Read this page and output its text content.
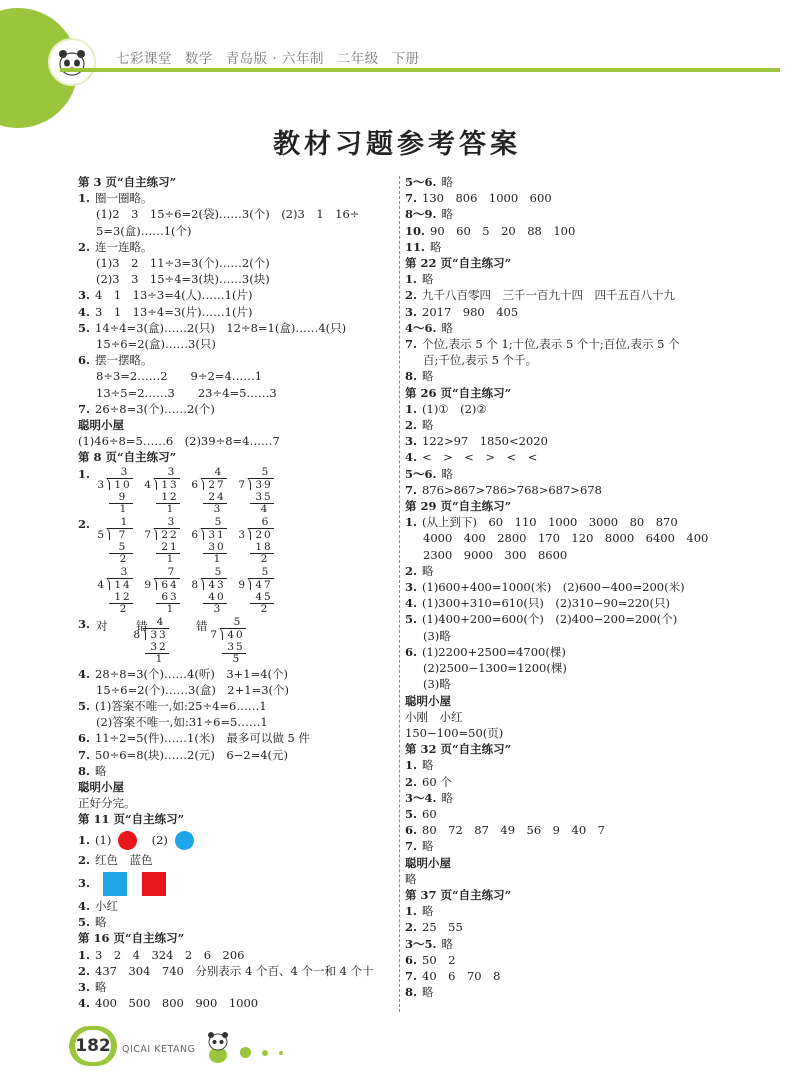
七彩课堂 数学 青岛版 · 六年制 二年级 下册
教材习题参考答案
第 3 页“自主练习”
1. 圈一圈略。
(1)2　3　15÷6=2(袋)……3(个)　(2)3　1　16÷
5=3(盒)……1(个)
2. 连一连略。
(1)3　2　11÷3=3(个)……2(个)
(2)3　3　15÷4=3(块)……3(块)
3. 4　1　13÷3=4(人)……1(片)
4. 3　1　13÷4=3(片)……1(片)
5. 14÷4=3(盒)……2(只)　12÷8=1(盒)……4(只)
15÷6=2(盒)……3(只)
6. 摆一摆略。
8÷3=2……2　　9÷2=4……1
13÷5=2……3　　23÷4=5……3
7. 26÷8=3(个)……2(个)
聪明小屋
(1)46÷8=5……6　(2)39÷8=4……7
第 8 页“自主练习”
1.	3
3 10
9
1
3
4 13
12
1
4
6 27
24
3
5
7 39
35
4
2.	1
5	7
5
2
3
7 22
21
1
5
6 31
30
1
6
3 20
18
2
3
4 14
12
2
7
9 64
63
1
5
8 43
40
3
5
9 47
45
2
3. 对 错	错
4
8 33
32
1
5
7 40
35
5
4. 28÷8=3(个)……4(听)　3+1=4(个)
15÷6=2(个)……3(盒)　2+1=3(个)
5. (1)答案不唯一,如:25÷4=6……1
(2)答案不唯一,如:31÷6=5……1
6. 11÷2=5(件)……1(米)　最多可以做 5 件
7. 50÷6=8(块)……2(元)　6−2=4(元)
8. 略
聪明小屋
正好分完。
第 11 页“自主练习”
1. (1)	(2)
2. 红色　蓝色
3.
4. 小红
5. 略
第 16 页“自主练习”
1. 3　2　4　324　2　6　206
2. 437　304　740　分别表示 4 个百、4 个一和 4 个十
3. 略
4. 400　500　800　900　1000
5～6. 略
7. 130　806　1000　600
8～9. 略
10. 90　60　5　20　88　100
11. 略
第 22 页“自主练习”
1. 略
2. 九千八百零四　三千一百九十四　四千五百八十九
3. 2017　980　405
4～6. 略
7. 个位,表示 5 个 1;十位,表示 5 个十;百位,表示 5 个
百;千位,表示 5 个千。
8. 略
第 26 页“自主练习”
1. (1)①　(2)②
2. 略
3. 122>97　1850<2020
4. <　>　<　>　<　<
5～6. 略
7. 876>867>786>768>687>678
第 29 页“自主练习”
1. (从上到下)　60　110　1000　3000　80　870
4000　400　2800　170　120　8000　6400　400
2300　9000　300　8600
2. 略
3. (1)600+400=1000(米)　(2)600−400=200(米)
4. (1)300+310=610(只)　(2)310−90=220(只)
5. (1)400+200=600(个)　(2)400−200=200(个)
(3)略
6. (1)2200+2500=4700(棵)
(2)2500−1300=1200(棵)
(3)略
聪明小屋
小刚　小红
150−100=50(页)
第 32 页“自主练习”
1. 略
2. 60 个
3～4. 略
5. 60
6. 80　72　87　49　56　9　40　7
7. 略
聪明小屋
略
第 37 页“自主练习”
1. 略
2. 25　55
3～5. 略
6. 50　2
7. 40　6　70　8
8. 略
182 QICAI KETANG
